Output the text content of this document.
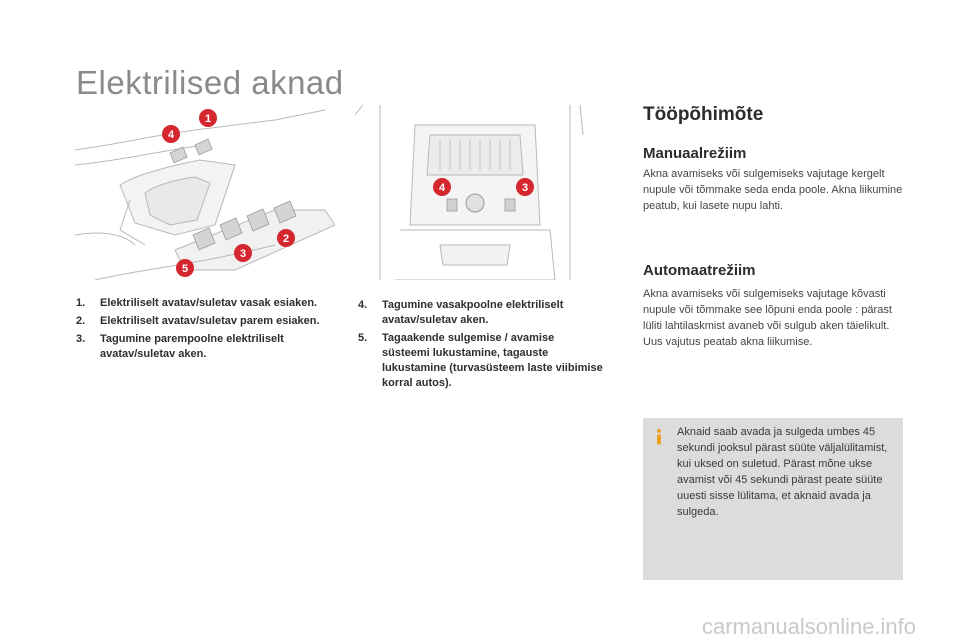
Elektrilised aknad
1
2
3
4
5
4	3
1.	Elektriliselt avatav/suletav vasak esiaken.
2.	Elektriliselt avatav/suletav parem esiaken.
3.	Tagumine parempoolne elektriliselt avatav/suletav aken.
4.	Tagumine vasakpoolne elektriliselt avatav/suletav aken.
5.	Tagaakende sulgemise / avamise süsteemi lukustamine, tagauste lukustamine (turvasüsteem laste viibimise korral autos).
Tööpõhimõte
Manuaalrežiim

Akna avamiseks või sulgemiseks vajutage kergelt nupule või tõmmake seda enda poole. Akna liikumine peatub, kui lasete nupu lahti.

Automaatrežiim

Akna avamiseks või sulgemiseks vajutage kõvasti nupule või tõmmake see lõpuni enda poole : pärast lüliti lahtilaskmist avaneb või sulgub aken täielikult. Uus vajutus peatab akna liikumise.

Aknaid saab avada ja sulgeda umbes 45 sekundi jooksul pärast süüte väljalülitamist, kui uksed on suletud. Pärast mõne ukse avamist või 45 sekundi pärast peate süüte uuesti sisse lülitama, et aknaid avada ja sulgeda.

carmanualsonline.info
